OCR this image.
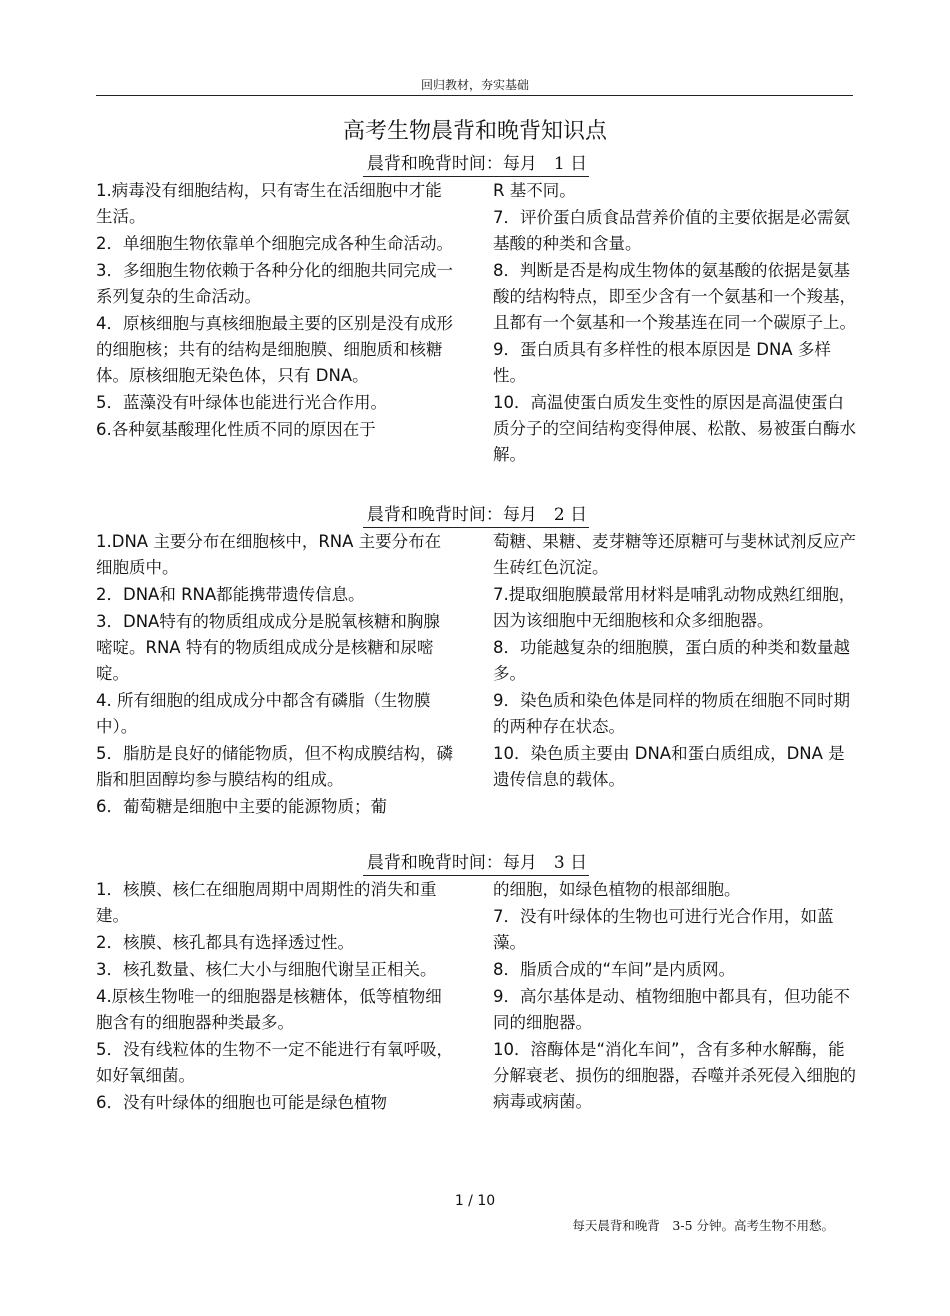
回归教材，夯实基础
高考生物晨背和晚背知识点
晨背和晚背时间：每月　1 日
1.病毒没有细胞结构，只有寄生在活细胞中才能生活。
2．单细胞生物依靠单个细胞完成各种生命活动。
3．多细胞生物依赖于各种分化的细胞共同完成一系列复杂的生命活动。
4．原核细胞与真核细胞最主要的区别是没有成形的细胞核；共有的结构是细胞膜、细胞质和核糖体。原核细胞无染色体，只有 DNA。
5．蓝藻没有叶绿体也能进行光合作用。
6.各种氨基酸理化性质不同的原因在于
R 基不同。
7．评价蛋白质食品营养价值的主要依据是必需氨基酸的种类和含量。
8．判断是否是构成生物体的氨基酸的依据是氨基酸的结构特点，即至少含有一个氨基和一个羧基，且都有一个氨基和一个羧基连在同一个碳原子上。
9．蛋白质具有多样性的根本原因是 DNA 多样性。
10．高温使蛋白质发生变性的原因是高温使蛋白质分子的空间结构变得伸展、松散、易被蛋白酶水解。
晨背和晚背时间：每月　2 日
1.DNA 主要分布在细胞核中，RNA 主要分布在细胞质中。
2．DNA和 RNA都能携带遗传信息。
3．DNA特有的物质组成成分是脱氧核糖和胸腺嘧啶。RNA 特有的物质组成成分是核糖和尿嘧啶。
4. 所有细胞的组成成分中都含有磷脂（生物膜中）。
5．脂肪是良好的储能物质，但不构成膜结构，磷脂和胆固醇均参与膜结构的组成。
6．葡萄糖是细胞中主要的能源物质；葡
萄糖、果糖、麦芽糖等还原糖可与斐林试剂反应产生砖红色沉淀。
7.提取细胞膜最常用材料是哺乳动物成熟红细胞，因为该细胞中无细胞核和众多细胞器。
8．功能越复杂的细胞膜，蛋白质的种类和数量越多。
9．染色质和染色体是同样的物质在细胞不同时期的两种存在状态。
10．染色质主要由 DNA和蛋白质组成，DNA 是遗传信息的载体。
晨背和晚背时间：每月　3 日
1．核膜、核仁在细胞周期中周期性的消失和重建。
2．核膜、核孔都具有选择透过性。
3．核孔数量、核仁大小与细胞代谢呈正相关。
4.原核生物唯一的细胞器是核糖体，低等植物细胞含有的细胞器种类最多。
5．没有线粒体的生物不一定不能进行有氧呼吸，如好氧细菌。
6．没有叶绿体的细胞也可能是绿色植物
的细胞，如绿色植物的根部细胞。
7．没有叶绿体的生物也可进行光合作用，如蓝藻。
8．脂质合成的“车间”是内质网。
9．高尔基体是动、植物细胞中都具有，但功能不同的细胞器。
10．溶酶体是“消化车间”，含有多种水解酶，能分解衰老、损伤的细胞器，吞噬并杀死侵入细胞的病毒或病菌。
1 / 10
每天晨背和晚背　3-5 分钟。高考生物不用愁。
